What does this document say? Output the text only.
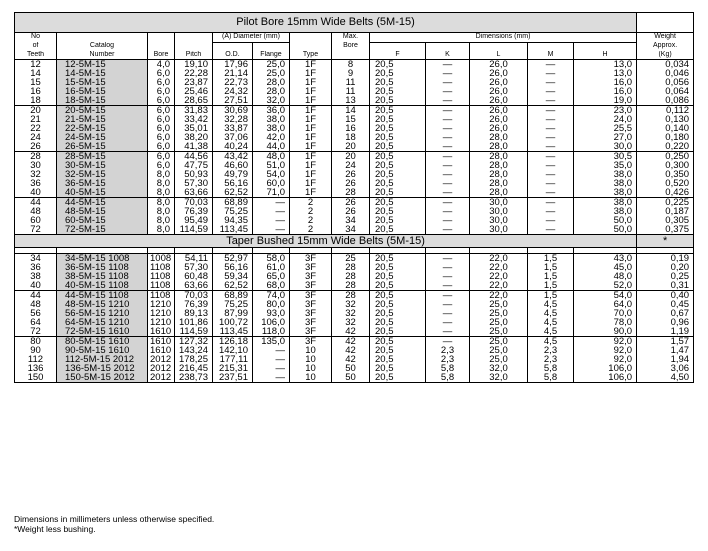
Pilot Bore 15mm Wide Belts (5M-15)													
No				(A) Diameter (mm)			Max.	Dimensions (mm)					Weight
of	Catalog						Bore						Approx.
Teeth	Number	Bore	Pitch	O.D.	Flange	Type		F	K	L	M	H	(Kg)
12	12-5M-15	4,0	19,10	17,96	25,0	1F	8	20,5	—	26,0	—	13,0	0,034
14	14-5M-15	6,0	22,28	21,14	25,0	1F	9	20,5	—	26,0	—	13,0	0,046
15	15-5M-15	6,0	23,87	22,73	28,0	1F	11	20,5	—	26,0	—	16,0	0,056
16	16-5M-15	6,0	25,46	24,32	28,0	1F	11	20,5	—	26,0	—	16,0	0,064
18	18-5M-15	6,0	28,65	27,51	32,0	1F	13	20,5	—	26,0	—	19,0	0,086
20	20-5M-15	6,0	31,83	30,69	36,0	1F	14	20,5	—	26,0	—	23,0	0,112
21	21-5M-15	6,0	33,42	32,28	38,0	1F	15	20,5	—	26,0	—	24,0	0,130
22	22-5M-15	6,0	35,01	33,87	38,0	1F	16	20,5	—	26,0	—	25,5	0,140
24	24-5M-15	6,0	38,20	37,06	42,0	1F	18	20,5	—	28,0	—	27,0	0,180
26	26-5M-15	6,0	41,38	40,24	44,0	1F	20	20,5	—	28,0	—	30,0	0,220
28	28-5M-15	6,0	44,56	43,42	48,0	1F	20	20,5	—	28,0	—	30,5	0,250
30	30-5M-15	6,0	47,75	46,60	51,0	1F	24	20,5	—	28,0	—	35,0	0,300
32	32-5M-15	8,0	50,93	49,79	54,0	1F	26	20,5	—	28,0	—	38,0	0,350
36	36-5M-15	8,0	57,30	56,16	60,0	1F	26	20,5	—	28,0	—	38,0	0,520
40	40-5M-15	8,0	63,66	62,52	71,0	1F	28	20,5	—	28,0	—	38,0	0,426
44	44-5M-15	8,0	70,03	68,89	—	2	26	20,5	—	30,0	—	38,0	0,225
48	48-5M-15	8,0	76,39	75,25	—	2	26	20,5	—	30,0	—	38,0	0,187
60	60-5M-15	8,0	95,49	94,35	—	2	34	20,5	—	30,0	—	50,0	0,305
72	72-5M-15	8,0	114,59	113,45	—	2	34	20,5	—	30,0	—	50,0	0,375
Taper Bushed 15mm Wide Belts (5M-15)													*

34	34-5M-15 1008	1008	54,11	52,97	58,0	3F	25	20,5	—	22,0	1,5	43,0	0,19
36	36-5M-15 1108	1108	57,30	56,16	61,0	3F	28	20,5	—	22,0	1,5	45,0	0,20
38	38-5M-15 1108	1108	60,48	59,34	65,0	3F	28	20,5	—	22,0	1,5	48,0	0,25
40	40-5M-15 1108	1108	63,66	62,52	68,0	3F	28	20,5	—	22,0	1,5	52,0	0,31
44	44-5M-15 1108	1108	70,03	68,89	74,0	3F	28	20,5	—	22,0	1,5	54,0	0,40
48	48-5M-15 1210	1210	76,39	75,25	80,0	3F	32	20,5	—	25,0	4,5	64,0	0,45
56	56-5M-15 1210	1210	89,13	87,99	93,0	3F	32	20,5	—	25,0	4,5	70,0	0,67
64	64-5M-15 1210	1210	101,86	100,72	106,0	3F	32	20,5	—	25,0	4,5	78,0	0,96
72	72-5M-15 1610	1610	114,59	113,45	118,0	3F	42	20,5	—	25,0	4,5	90,0	1,19
80	80-5M-15 1610	1610	127,32	126,18	135,0	3F	42	20,5	—	25,0	4,5	92,0	1,57
90	90-5M-15 1610	1610	143,24	142,10	—	10	42	20,5	2,3	25,0	2,3	92,0	1,47
112	112-5M-15 2012	2012	178,25	177,11	—	10	42	20,5	2,3	25,0	2,3	92,0	1,94
136	136-5M-15 2012	2012	216,45	215,31	—	10	50	20,5	5,8	32,0	5,8	106,0	3,06
150	150-5M-15 2012	2012	238,73	237,51	—	10	50	20,5	5,8	32,0	5,8	106,0	4,50
Dimensions in millimeters unless otherwise specified.
*Weight less bushing.
